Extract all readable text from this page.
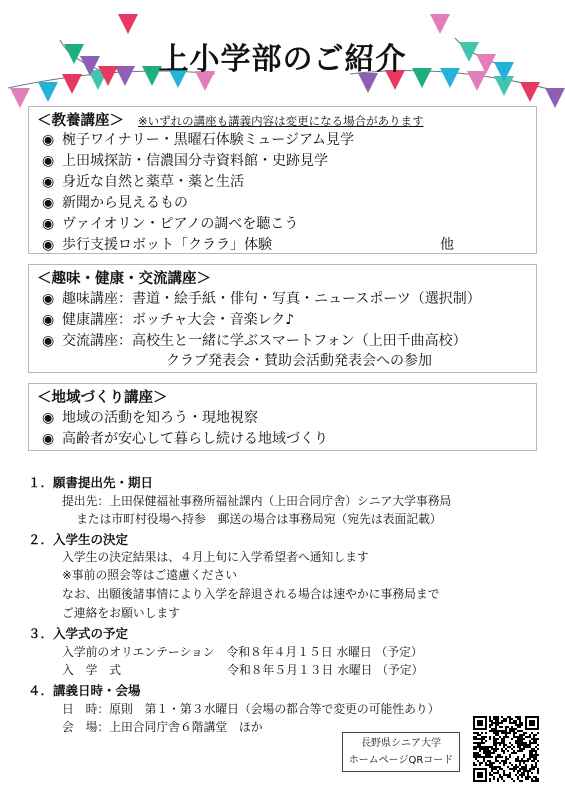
上小学部のご紹介
＜教養講座＞ ※いずれの講座も講義内容は変更になる場合があります
◉ 椀子ワイナリー・黒曜石体験ミュージアム見学
◉ 上田城探訪・信濃国分寺資料館・史跡見学
◉ 身近な自然と薬草・薬と生活
◉ 新聞から見えるもの
◉ ヴァイオリン・ピアノの調べを聴こう
◉ 歩行支援ロボット「クララ」体験	他
＜趣味・健康・交流講座＞
◉ 趣味講座：書道・絵手紙・俳句・写真・ニュースポーツ（選択制）
◉ 健康講座：ボッチャ大会・音楽レク♪
◉ 交流講座：高校生と一緒に学ぶスマートフォン（上田千曲高校）
クラブ発表会・賛助会活動発表会への参加
＜地域づくり講座＞
◉ 地域の活動を知ろう・現地視察
◉ 高齢者が安心して暮らし続ける地域づくり
１．願書提出先・期日
提出先：上田保健福祉事務所福祉課内（上田合同庁舎）シニア大学事務局
または市町村役場へ持参　郵送の場合は事務局宛（宛先は表面記載）
２．入学生の決定
入学生の決定結果は、４月上旬に入学希望者へ通知します
※事前の照会等はご遠慮ください
なお、出願後諸事情により入学を辞退される場合は速やかに事務局まで
ご連絡をお願いします
３．入学式の予定
入学前のオリエンテーション　令和８年４月１５日 水曜日 （予定）
入　学　式　　　　　　　　　令和８年５月１３日 水曜日 （予定）
４．講義日時・会場
日　時：原則　第１・第３水曜日（会場の都合等で変更の可能性あり）
会　場：上田合同庁舎６階講堂　ほか
長野県シニア大学
ホームページQRコード
